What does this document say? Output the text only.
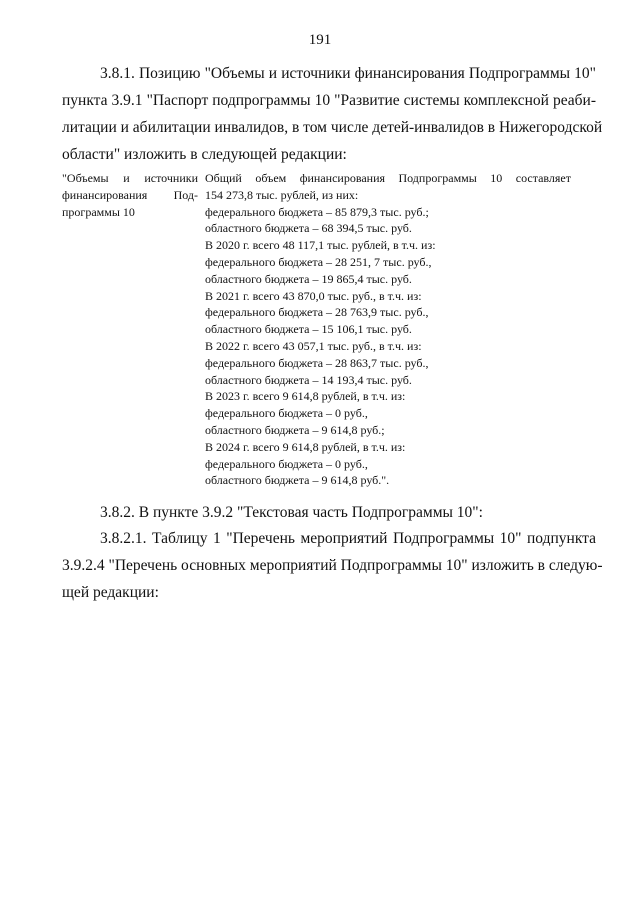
191
3.8.1. Позицию "Объемы и источники финансирования Подпрограммы 10"
пункта 3.9.1 "Паспорт подпрограммы 10 "Развитие системы комплексной реаби-
литации и абилитации инвалидов, в том числе детей-инвалидов в Нижегородской
области" изложить в следующей редакции:
"Объемы и источники
финансирования Под-
программы 10
Общий объем финансирования Подпрограммы 10 составляет
154 273,8 тыс. рублей, из них:
федерального бюджета – 85 879,3 тыс. руб.;
областного бюджета – 68 394,5 тыс. руб.
В 2020 г. всего 48 117,1 тыс. рублей, в т.ч. из:
федерального бюджета – 28 251, 7 тыс. руб.,
областного бюджета – 19 865,4 тыс. руб.
В 2021 г. всего 43 870,0 тыс. руб., в т.ч. из:
федерального бюджета – 28 763,9 тыс. руб.,
областного бюджета – 15 106,1 тыс. руб.
В 2022 г. всего 43 057,1 тыс. руб., в т.ч. из:
федерального бюджета – 28 863,7 тыс. руб.,
областного бюджета – 14 193,4 тыс. руб.
В 2023 г. всего 9 614,8 рублей, в т.ч. из:
федерального бюджета – 0 руб.,
областного бюджета – 9 614,8 руб.;
В 2024 г. всего 9 614,8 рублей, в т.ч. из:
федерального бюджета – 0 руб.,
областного бюджета – 9 614,8 руб.".
3.8.2. В пункте 3.9.2 "Текстовая часть Подпрограммы 10":
3.8.2.1. Таблицу 1 "Перечень мероприятий Подпрограммы 10" подпункта
3.9.2.4 "Перечень основных мероприятий Подпрограммы 10" изложить в следую-
щей редакции:
